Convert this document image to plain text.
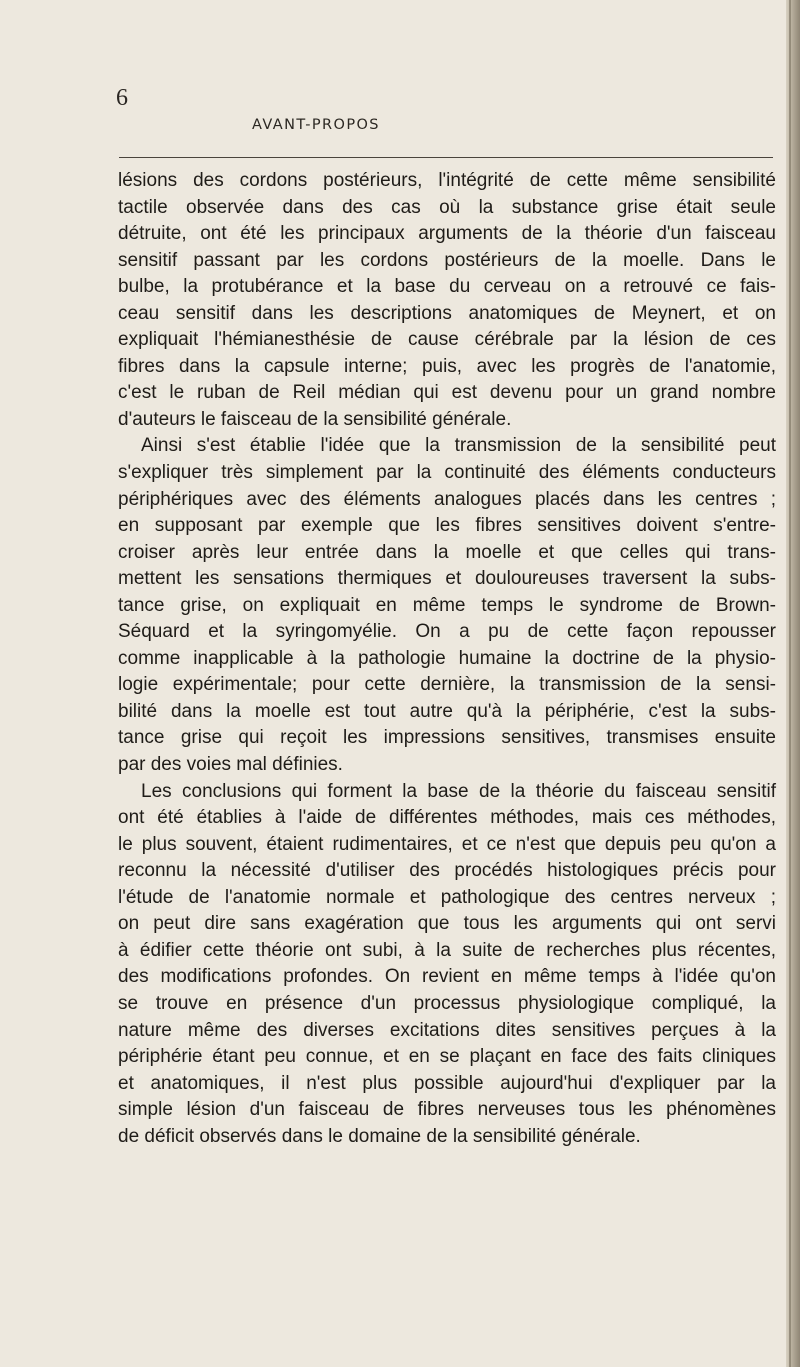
6

AVANT-PROPOS

lésions des cordons postérieurs, l'intégrité de cette même sensibilité
tactile observée dans des cas où la substance grise était seule
détruite, ont été les principaux arguments de la théorie d'un faisceau
sensitif passant par les cordons postérieurs de la moelle. Dans le
bulbe, la protubérance et la base du cerveau on a retrouvé ce fais-
ceau sensitif dans les descriptions anatomiques de Meynert, et on
expliquait l'hémianesthésie de cause cérébrale par la lésion de ces
fibres dans la capsule interne; puis, avec les progrès de l'anatomie,
c'est le ruban de Reil médian qui est devenu pour un grand nombre
d'auteurs le faisceau de la sensibilité générale.
Ainsi s'est établie l'idée que la transmission de la sensibilité peut
s'expliquer très simplement par la continuité des éléments conducteurs
périphériques avec des éléments analogues placés dans les centres ;
en supposant par exemple que les fibres sensitives doivent s'entre-
croiser après leur entrée dans la moelle et que celles qui trans-
mettent les sensations thermiques et douloureuses traversent la subs-
tance grise, on expliquait en même temps le syndrome de Brown-
Séquard et la syringomyélie. On a pu de cette façon repousser
comme inapplicable à la pathologie humaine la doctrine de la physio-
logie expérimentale; pour cette dernière, la transmission de la sensi-
bilité dans la moelle est tout autre qu'à la périphérie, c'est la subs-
tance grise qui reçoit les impressions sensitives, transmises ensuite
par des voies mal définies.
Les conclusions qui forment la base de la théorie du faisceau sensitif
ont été établies à l'aide de différentes méthodes, mais ces méthodes,
le plus souvent, étaient rudimentaires, et ce n'est que depuis peu qu'on a
reconnu la nécessité d'utiliser des procédés histologiques précis pour
l'étude de l'anatomie normale et pathologique des centres nerveux ;
on peut dire sans exagération que tous les arguments qui ont servi
à édifier cette théorie ont subi, à la suite de recherches plus récentes,
des modifications profondes. On revient en même temps à l'idée qu'on
se trouve en présence d'un processus physiologique compliqué, la
nature même des diverses excitations dites sensitives perçues à la
périphérie étant peu connue, et en se plaçant en face des faits cliniques
et anatomiques, il n'est plus possible aujourd'hui d'expliquer par la
simple lésion d'un faisceau de fibres nerveuses tous les phénomènes
de déficit observés dans le domaine de la sensibilité générale.
